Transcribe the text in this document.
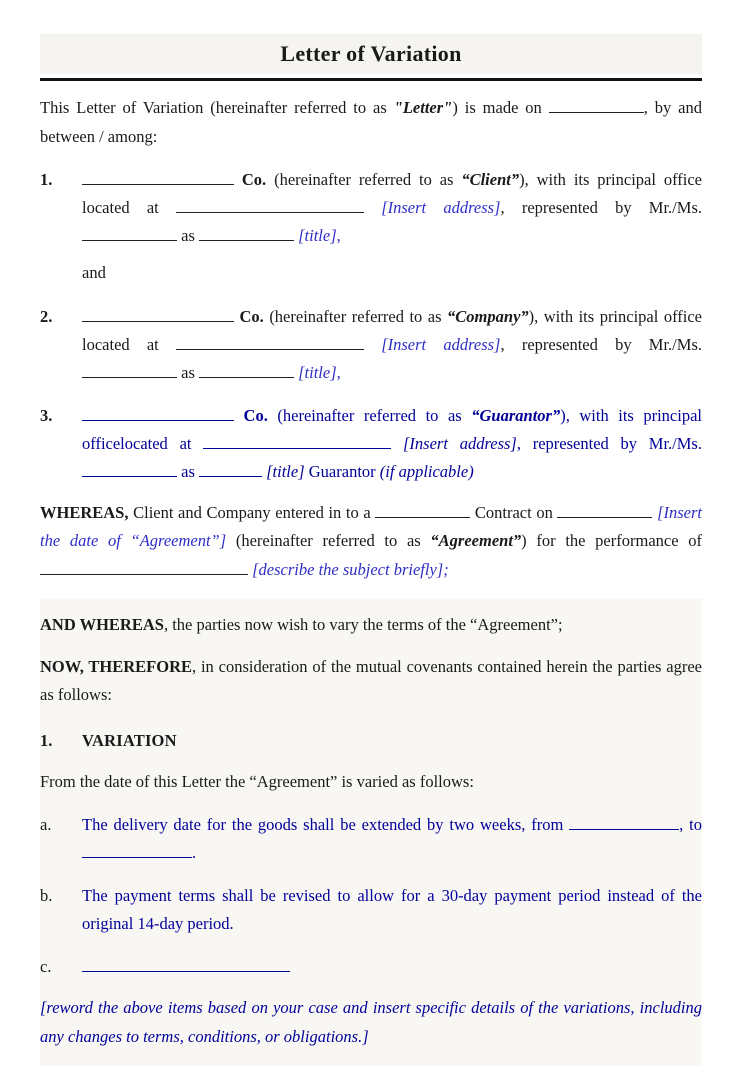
Letter of Variation

This Letter of Variation (hereinafter referred to as "Letter") is made on	, by and between / among:

1.	Co. (hereinafter referred to as “Client”), with its principal office located at	[Insert address], represented by Mr./Ms. as	[title],

and

2.	Co. (hereinafter referred to as “Company”), with its principal office located at	[Insert address], represented by Mr./Ms. as	[title],
3.	Co. (hereinafter referred to as “Guarantor”), with its principal officelocated at	[Insert address], represented by Mr./Ms. as	[title] Guarantor (if applicable)

WHEREAS, Client and Company entered in to a	Contract on	[Insert the date of “Agreement”] (hereinafter referred to as “Agreement”) for the performance of  [describe the subject briefly];

AND WHEREAS, the parties now wish to vary the terms of the “Agreement”;

NOW, THEREFORE, in consideration of the mutual covenants contained herein the parties agree as follows:

1.	VARIATION

From the date of this Letter the “Agreement” is varied as follows:

a.	The delivery date for the goods shall be extended by two weeks, from	, to .
b.	The payment terms shall be revised to allow for a 30-day payment period instead of the original 14-day period.
c.

[reword the above items based on your case and insert specific details of the variations, including any changes to terms, conditions, or obligations.]
